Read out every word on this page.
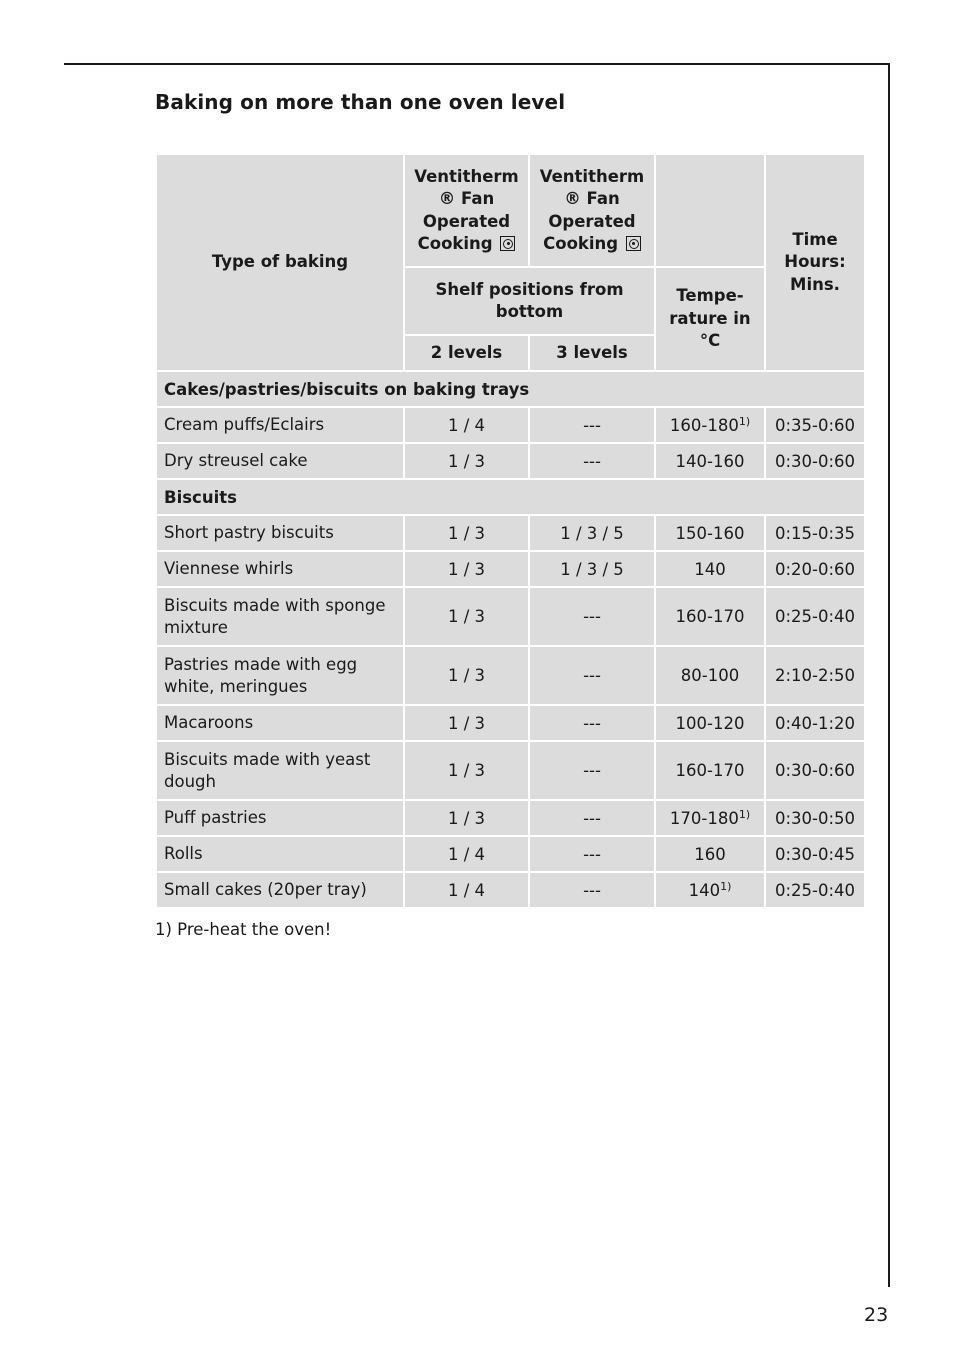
Baking on more than one oven level
Type of baking	Ventitherm
® Fan
Operated
Cooking	Ventitherm
® Fan
Operated
Cooking		Time Hours: Mins.
	Shelf positions from bottom		Tempe-rature in °C	
	2 levels	3 levels		
Cakes/pastries/biscuits on baking trays				
Cream puffs/Eclairs	1 / 4	---	160-180$^{1)}$	0:35-0:60
Dry streusel cake	1 / 3	---	140-160	0:30-0:60
Biscuits				
Short pastry biscuits	1 / 3	1 / 3 / 5	150-160	0:15-0:35
Viennese whirls	1 / 3	1 / 3 / 5	140	0:20-0:60
Biscuits made with sponge mixture	1 / 3	---	160-170	0:25-0:40
Pastries made with egg white, meringues	1 / 3	---	80-100	2:10-2:50
Macaroons	1 / 3	---	100-120	0:40-1:20
Biscuits made with yeast dough	1 / 3	---	160-170	0:30-0:60
Puff pastries	1 / 3	---	170-180$^{1)}$	0:30-0:50
Rolls	1 / 4	---	160	0:30-0:45
Small cakes (20per tray)	1 / 4	---	140$^{1)}$	0:25-0:40

1) Pre-heat the oven!

23
